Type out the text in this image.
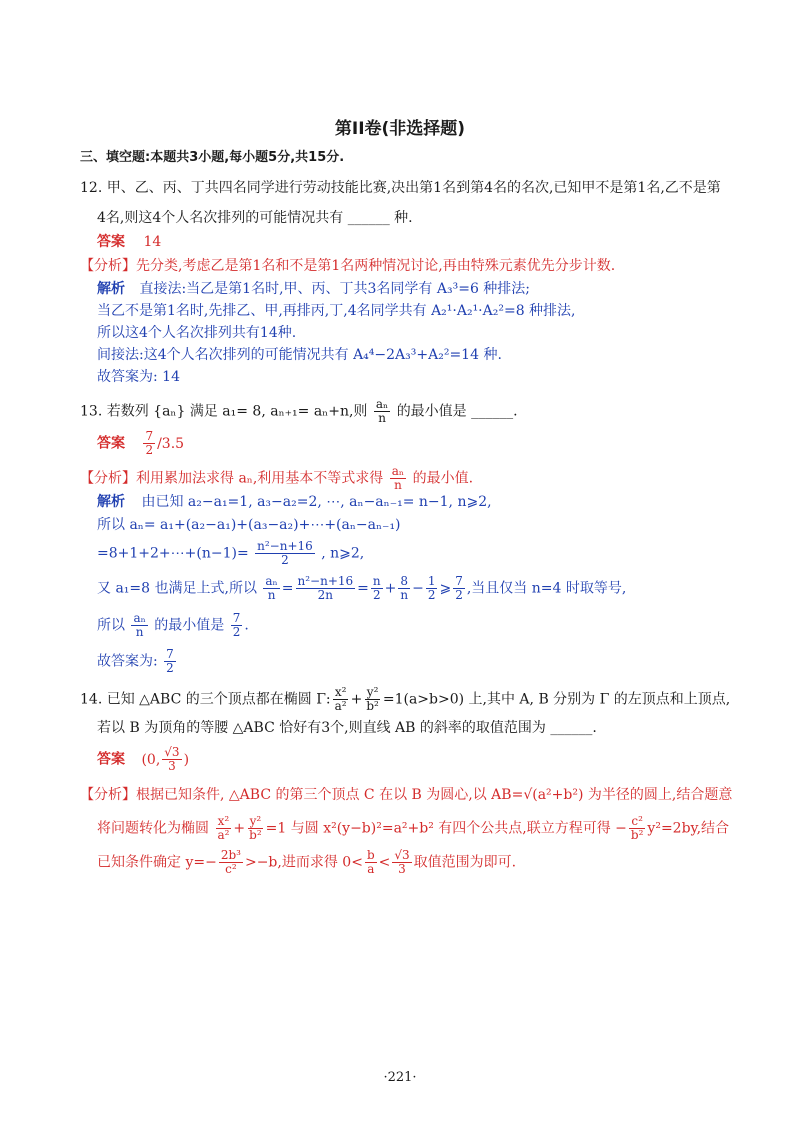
第II卷(非选择题)
三、填空题:本题共3小题,每小题5分,共15分.
12. 甲、乙、丙、丁共四名同学进行劳动技能比赛,决出第1名到第4名的名次,已知甲不是第1名,乙不是第
4名,则这4个人名次排列的可能情况共有 ______ 种.
答案 14
【分析】先分类,考虑乙是第1名和不是第1名两种情况讨论,再由特殊元素优先分步计数.
解析 直接法:当乙是第1名时,甲、丙、丁共3名同学有 A₃³=6 种排法;
当乙不是第1名时,先排乙、甲,再排丙,丁,4名同学共有 A₂¹·A₂¹·A₂²=8 种排法,
所以这4个人名次排列共有14种.
间接法:这4个人名次排列的可能情况共有 A₄⁴−2A₃³+A₂²=14 种.
故答案为: 14
13. 若数列 {aₙ} 满足 a₁= 8, aₙ₊₁= aₙ+n,则 $\frac{\text{aₙ}}{n}$ 的最小值是 ______.
答案 $\frac{7}{2} /3.5$
【分析】利用累加法求得 aₙ,利用基本不等式求得 $\frac{\text{aₙ}}{n}$ 的最小值.
解析 由已知 a₂−a₁=1, a₃−a₂=2, ⋯, aₙ−aₙ₋₁= n−1, n⩾2,
所以 aₙ= a₁+(a₂−a₁)+(a₃−a₂)+⋯+(aₙ−aₙ₋₁)
=8+1+2+⋯+(n−1)= $\frac{\text{n²−n+16}}{2}$ , n⩾2,
又 a₁=8 也满足上式,所以 $\frac{\text{aₙ}}{n} = \frac{\text{n²−n+16}}{2n} = \frac{n}{2} + \frac{8}{n} - \frac{1}{2}$ ⩾ $\frac{7}{2}$ ,当且仅当 n=4 时取等号,
所以 $\frac{\text{aₙ}}{n}$ 的最小值是 $\frac{7}{2}$ .
故答案为: $\frac{7}{2}$
14. 已知 △ABC 的三个顶点都在椭圆 Γ: $\frac{\text{x²}}{\text{a²}} + \frac{\text{y²}}{\text{b²}} =1(a>b>0)$ 上,其中 A, B 分别为 Γ 的左顶点和上顶点,
若以 B 为顶角的等腰 △ABC 恰好有3个,则直线 AB 的斜率的取值范围为 ______.
答案 (0, $\frac{√3}{3}$ )
【分析】根据已知条件, △ABC 的第三个顶点 C 在以 B 为圆心,以 AB=√(a²+b²) 为半径的圆上,结合题意
将问题转化为椭圆 $\frac{\text{x²}}{\text{a²}} + \frac{\text{y²}}{\text{b²}} =1$ 与圆 x²(y−b)²=a²+b² 有四个公共点,联立方程可得 − $\frac{\text{c²}}{\text{b²}} y^2=2by$,结合
已知条件确定 $y=- \frac{\text{2b³}}{\text{c²}} >-b$,进而求得 $0< \frac{b}{a} < \frac{√3}{3}$ 取值范围为即可.
·221·
